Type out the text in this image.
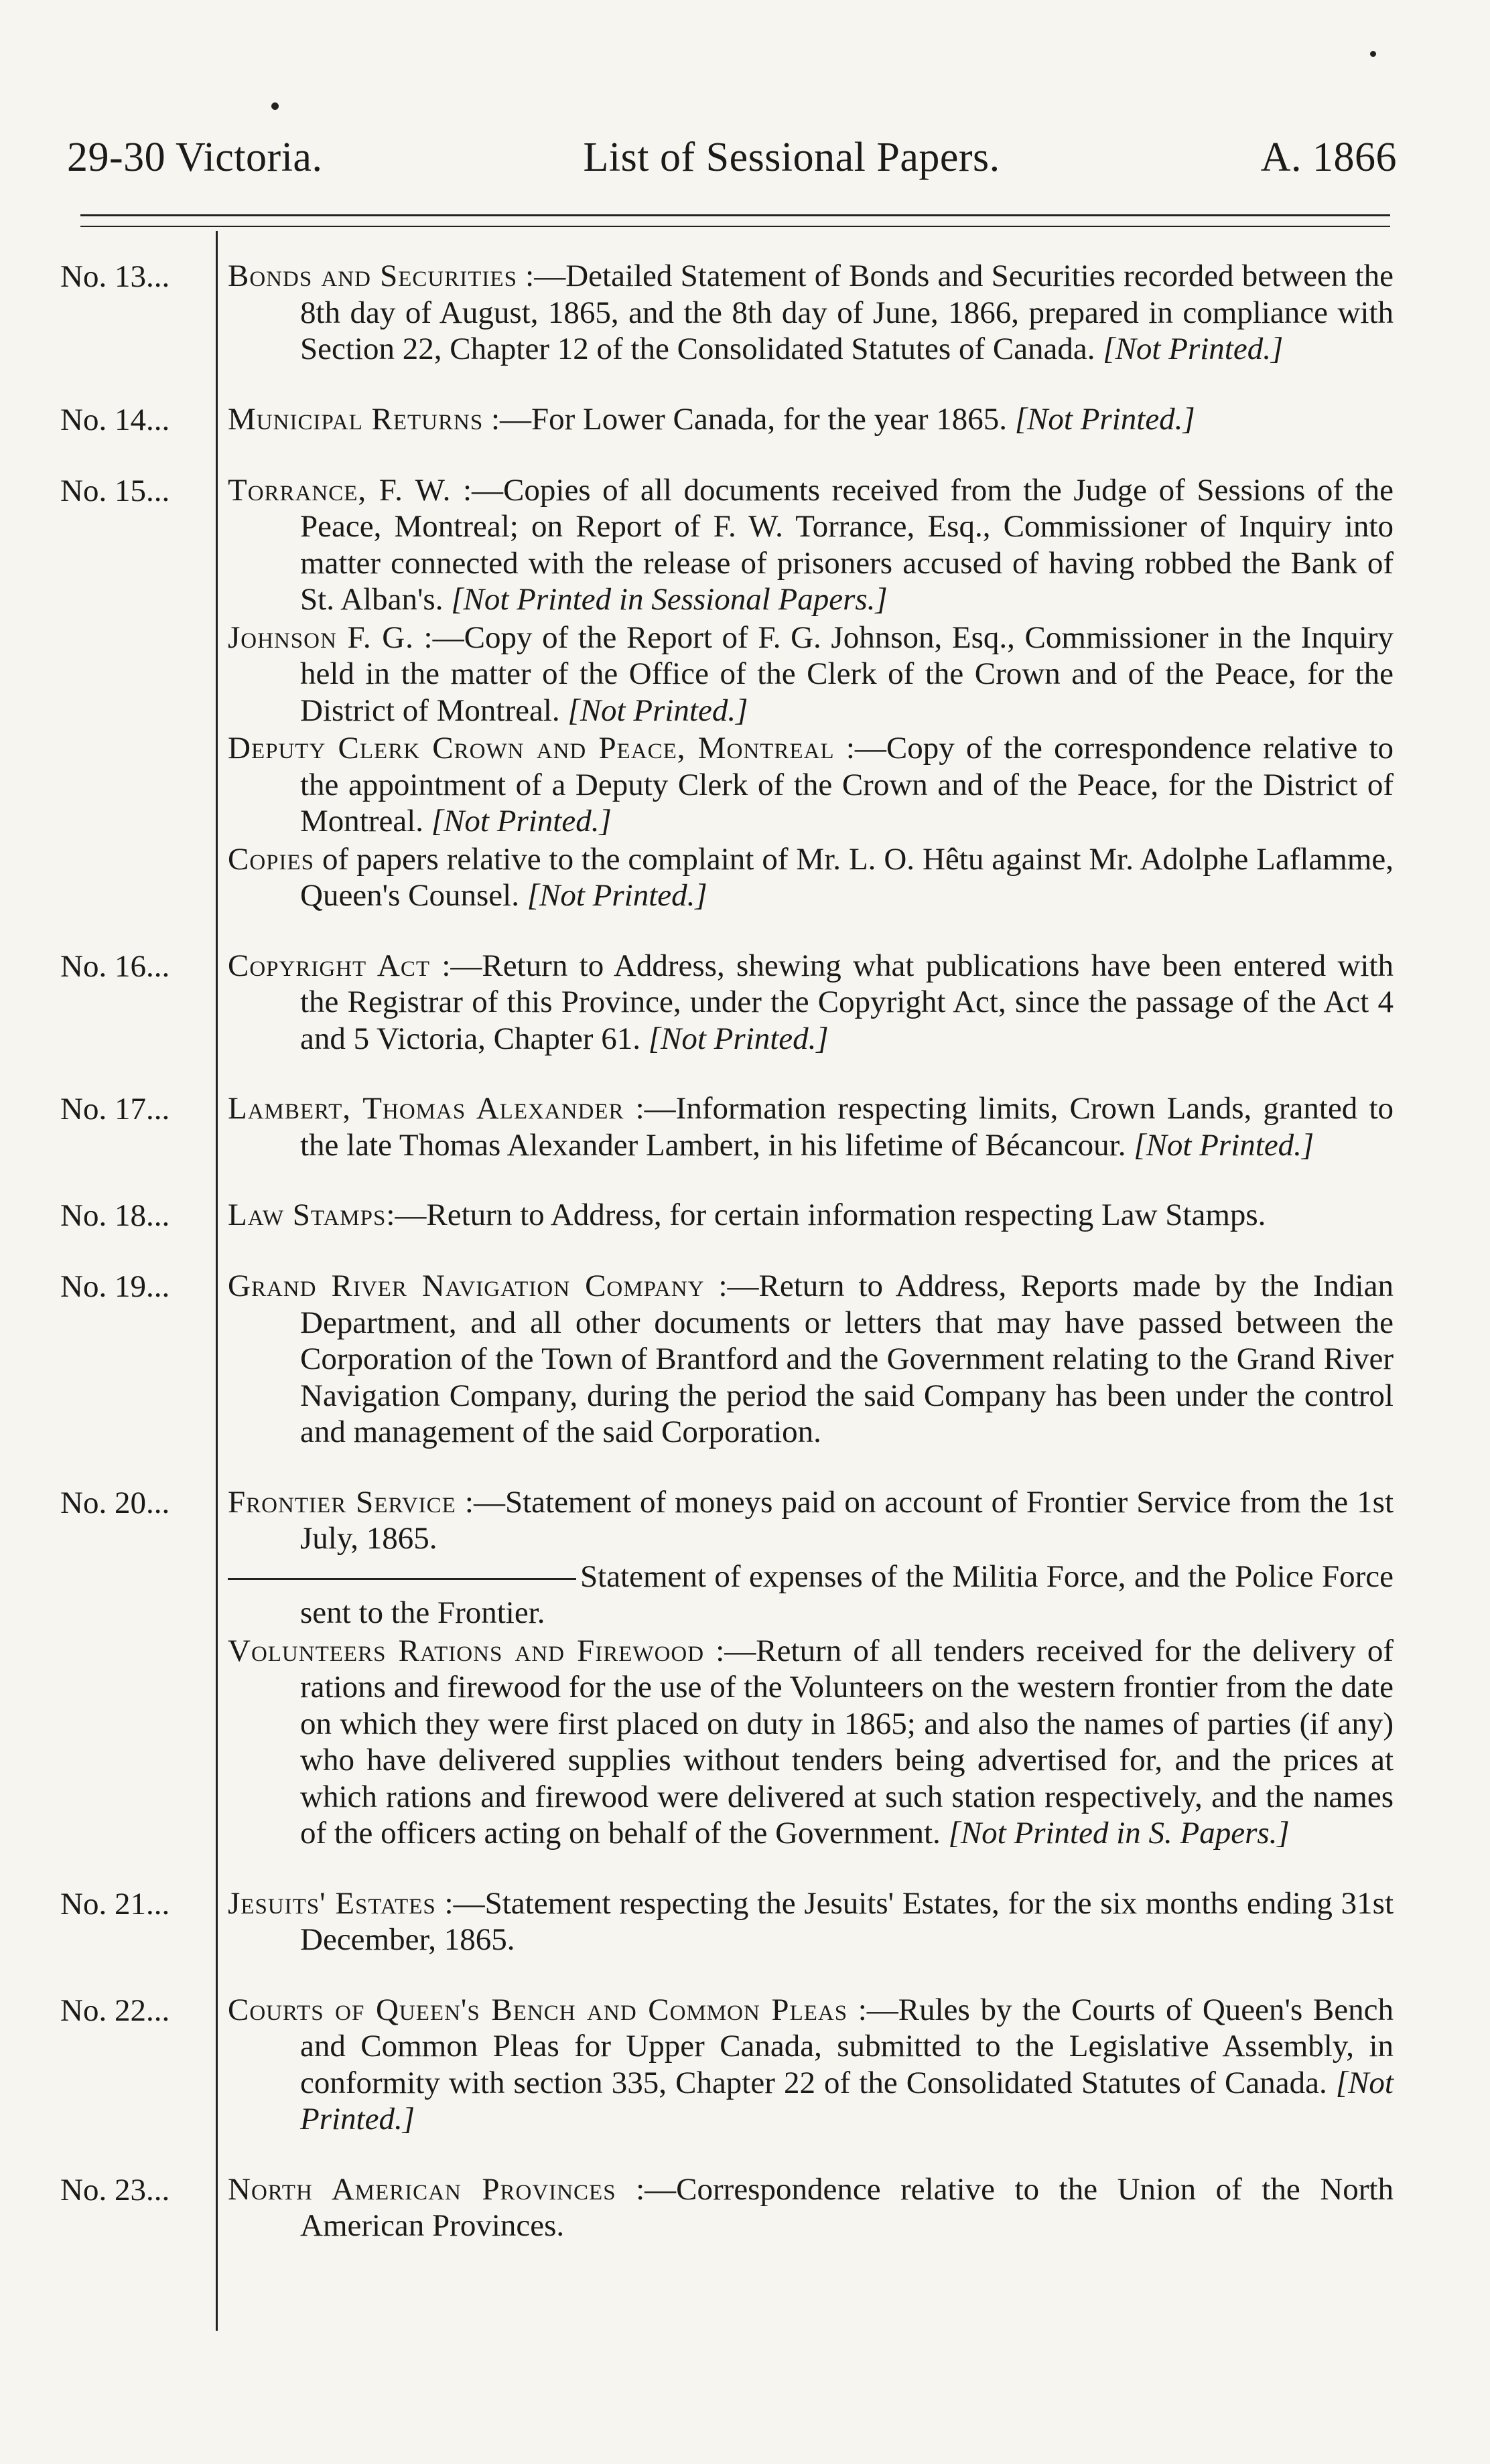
29-30 Victoria.	List of Sessional Papers.	A. 1866
No. 13...	Bonds and Securities :—Detailed Statement of Bonds and Securities recorded between the 8th day of August, 1865, and the 8th day of June, 1866, prepared in compliance with Section 22, Chapter 12 of the Consolidated Statutes of Canada. [Not Printed.]

No. 14...	Municipal Returns :—For Lower Canada, for the year 1865. [Not Printed.]

No. 15...	Torrance, F. W. :—Copies of all documents received from the Judge of Sessions of the Peace, Montreal; on Report of F. W. Torrance, Esq., Commissioner of Inquiry into matter connected with the release of prisoners accused of having robbed the Bank of St. Alban's. [Not Printed in Sessional Papers.]

Johnson F. G. :—Copy of the Report of F. G. Johnson, Esq., Commissioner in the Inquiry held in the matter of the Office of the Clerk of the Crown and of the Peace, for the District of Montreal. [Not Printed.]

Deputy Clerk Crown and Peace, Montreal :—Copy of the correspondence relative to the appointment of a Deputy Clerk of the Crown and of the Peace, for the District of Montreal. [Not Printed.]

Copies of papers relative to the complaint of Mr. L. O. Hêtu against Mr. Adolphe Laflamme, Queen's Counsel. [Not Printed.]

No. 16...	Copyright Act :—Return to Address, shewing what publications have been entered with the Registrar of this Province, under the Copyright Act, since the passage of the Act 4 and 5 Victoria, Chapter 61. [Not Printed.]

No. 17...	Lambert, Thomas Alexander :—Information respecting limits, Crown Lands, granted to the late Thomas Alexander Lambert, in his lifetime of Bécancour. [Not Printed.]

No. 18...	Law Stamps:—Return to Address, for certain information respecting Law Stamps.

No. 19...	Grand River Navigation Company :—Return to Address, Reports made by the Indian Department, and all other documents or letters that may have passed between the Corporation of the Town of Brantford and the Government relating to the Grand River Navigation Company, during the period the said Company has been under the control and management of the said Corporation.

No. 20...	Frontier Service :—Statement of moneys paid on account of Frontier Service from the 1st July, 1865.

Statement of expenses of the Militia Force, and the Police Force sent to the Frontier.

Volunteers Rations and Firewood :—Return of all tenders received for the delivery of rations and firewood for the use of the Volunteers on the western frontier from the date on which they were first placed on duty in 1865; and also the names of parties (if any) who have delivered supplies without tenders being advertised for, and the prices at which rations and firewood were delivered at such station respectively, and the names of the officers acting on behalf of the Government. [Not Printed in S. Papers.]

No. 21...	Jesuits' Estates :—Statement respecting the Jesuits' Estates, for the six months ending 31st December, 1865.

No. 22...	Courts of Queen's Bench and Common Pleas :—Rules by the Courts of Queen's Bench and Common Pleas for Upper Canada, submitted to the Legislative Assembly, in conformity with section 335, Chapter 22 of the Consolidated Statutes of Canada. [Not Printed.]

No. 23...	North American Provinces :—Correspondence relative to the Union of the North American Provinces.
